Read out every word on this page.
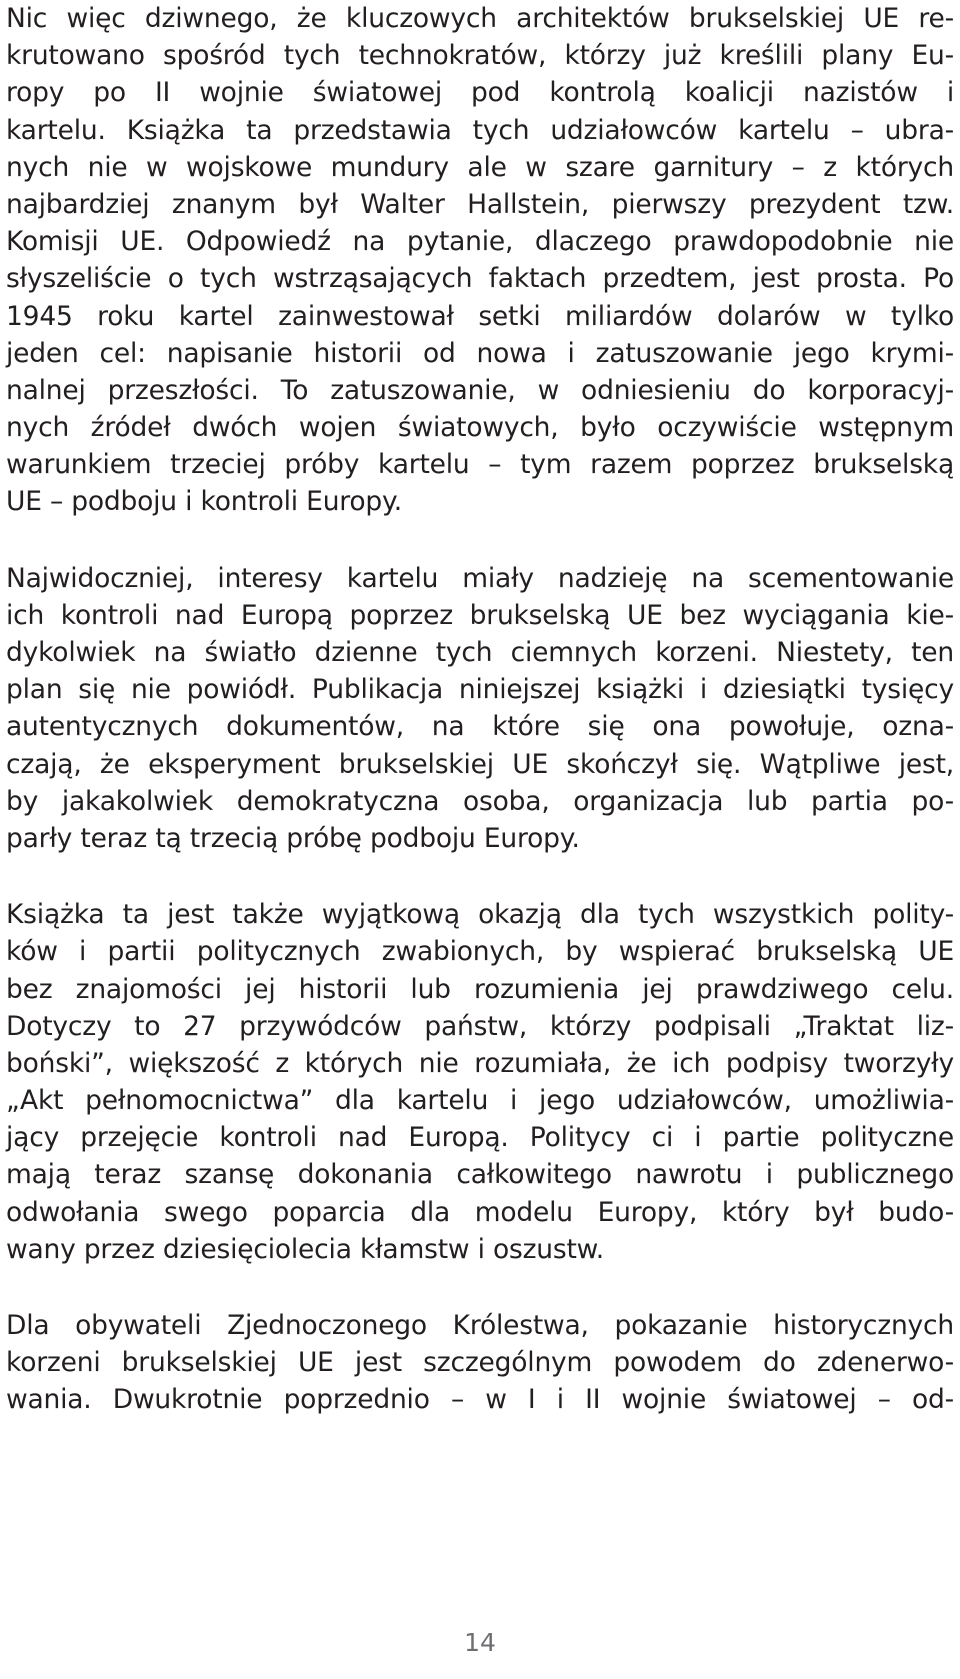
Nic więc dziwnego, że kluczowych architektów brukselskiej UE re-
krutowano spośród tych technokratów, którzy już kreślili plany Eu-
ropy po II wojnie światowej pod kontrolą koalicji nazistów i
kartelu. Książka ta przedstawia tych udziałowców kartelu – ubra-
nych nie w wojskowe mundury ale w szare garnitury – z których
najbardziej znanym był Walter Hallstein, pierwszy prezydent tzw.
Komisji UE. Odpowiedź na pytanie, dlaczego prawdopodobnie nie
słyszeliście o tych wstrząsających faktach przedtem, jest prosta. Po
1945 roku kartel zainwestował setki miliardów dolarów w tylko
jeden cel: napisanie historii od nowa i zatuszowanie jego krymi-
nalnej przeszłości. To zatuszowanie, w odniesieniu do korporacyj-
nych źródeł dwóch wojen światowych, było oczywiście wstępnym
warunkiem trzeciej próby kartelu – tym razem poprzez brukselską
UE – podboju i kontroli Europy.
Najwidoczniej, interesy kartelu miały nadzieję na scementowanie
ich kontroli nad Europą poprzez brukselską UE bez wyciągania kie-
dykolwiek na światło dzienne tych ciemnych korzeni. Niestety, ten
plan się nie powiódł. Publikacja niniejszej książki i dziesiątki tysięcy
autentycznych dokumentów, na które się ona powołuje, ozna-
czają, że eksperyment brukselskiej UE skończył się. Wątpliwe jest,
by jakakolwiek demokratyczna osoba, organizacja lub partia po-
parły teraz tą trzecią próbę podboju Europy.
Książka ta jest także wyjątkową okazją dla tych wszystkich polity-
ków i partii politycznych zwabionych, by wspierać brukselską UE
bez znajomości jej historii lub rozumienia jej prawdziwego celu.
Dotyczy to 27 przywódców państw, którzy podpisali „Traktat liz-
boński”, większość z których nie rozumiała, że ich podpisy tworzyły
„Akt pełnomocnictwa” dla kartelu i jego udziałowców, umożliwia-
jący przejęcie kontroli nad Europą. Politycy ci i partie polityczne
mają teraz szansę dokonania całkowitego nawrotu i publicznego
odwołania swego poparcia dla modelu Europy, który był budo-
wany przez dziesięciolecia kłamstw i oszustw.
Dla obywateli Zjednoczonego Królestwa, pokazanie historycznych
korzeni brukselskiej UE jest szczególnym powodem do zdenerwo-
wania. Dwukrotnie poprzednio – w I i II wojnie światowej – od-
14
